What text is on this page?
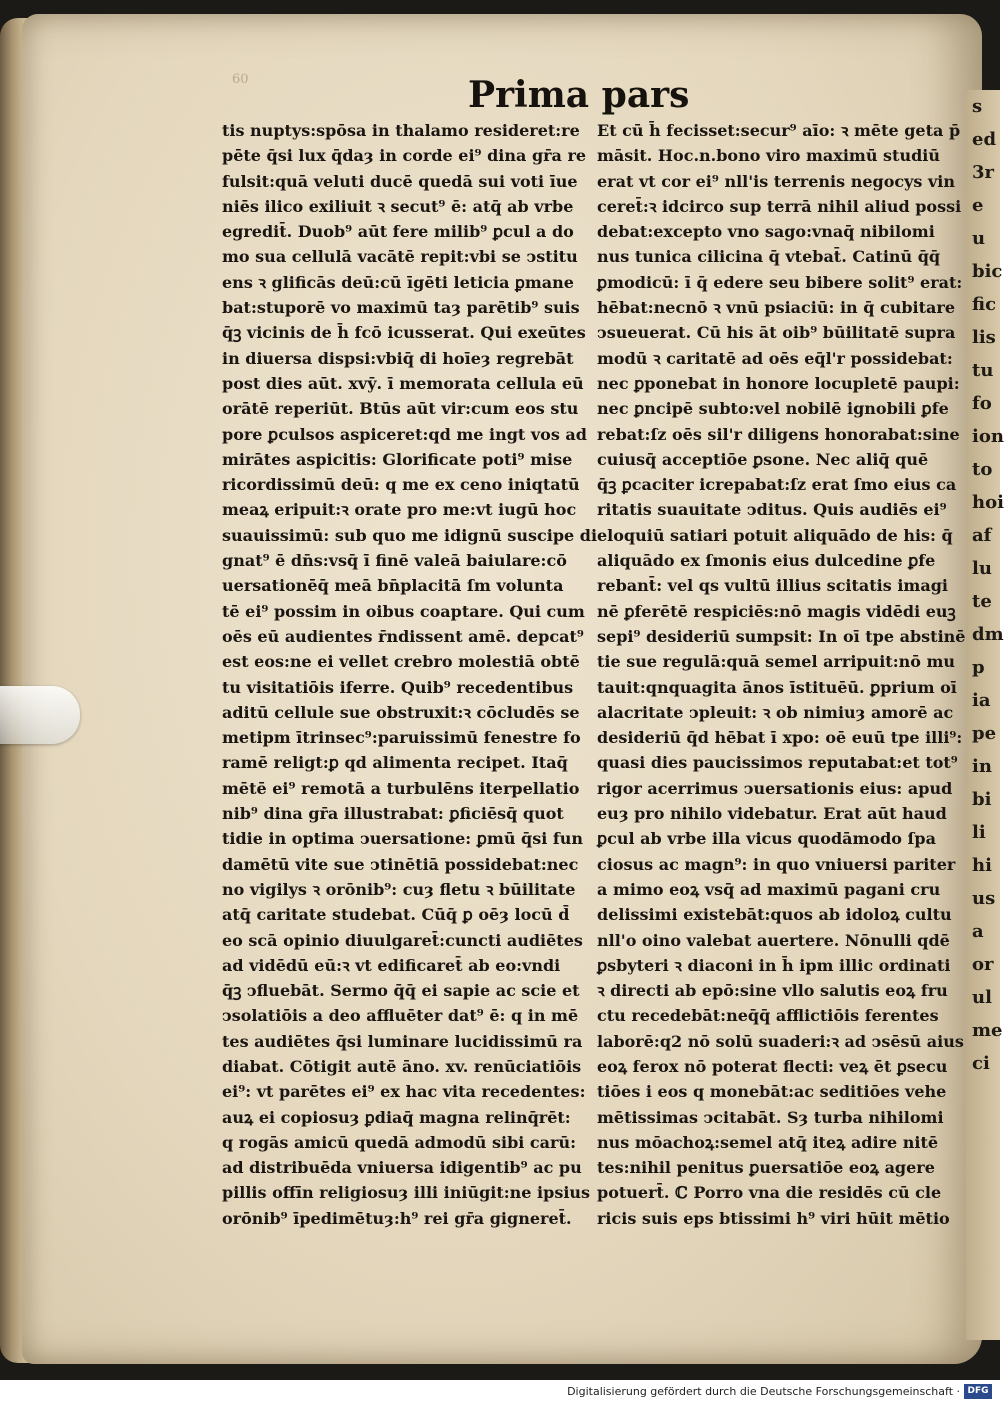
s
ed
3r
e
u
bic
fic
lis
tu
fo
ion
to
hoi
af
lu
te
dm
p
ia
pe
in
bi
li
hi
us
a
or
ul
me
ci
60	Prima pars
tis nuptys:spōsa in thalamo resideret:re
pēte q̄si lux q̄daȝ in corde ei⁹ dina gr̄a re
fulsit:quā veluti ducē quedā sui voti īue
niēs ilico exiliuit ꝛ secut⁹ ē: atq̄ ab vrbe
egredit̄. Duob⁹ aūt fere milib⁹ ꝑcul a do
mo sua cellulā vacātē repit:vbi se ↄstitu
ens ꝛ glificās deū:cū īgēti leticia ꝑmane
bat:stuporē vo maximū taȝ parētib⁹ suis
q̄ꝫ vicinis de h̄ fcō icusserat. Qui exeūtes
in diuersa dispsi:vbiq̄ di hoīeȝ regrebāt
post dies aūt. xvȳ. ī memorata cellula eū
orātē reperiūt. Btūs aūt vir:cum eos stu
pore ꝑculsos aspiceret:qd me ingt vos ad
mirātes aspicitis: Glorificate poti⁹ mise
ricordissimū deū: q me ex ceno iniqtatū
meaꝝ eripuit:ꝛ orate pro me:vt iugū hoc
suauissimū: sub quo me idignū suscipe di
gnat⁹ ē dn̄s:vsq̄ ī finē valeā baiulare:cō
uersationēq̄ meā bn̄placitā ſm volunta
tē ei⁹ possim in oibus coaptare. Qui cum
oēs eū audientes r̄ndissent amē. depcat⁹
est eos:ne ei vellet crebro molestiā obtē
tu visitatiōis iferre. Quib⁹ recedentibus
aditū cellule sue obstruxit:ꝛ cōcludēs se
metipm ītrinsec⁹:paruissimū fenestre fo
ramē religt:ꝑ qd alimenta recipet. Itaq̄
mētē ei⁹ remotā a turbulēns iterpellatio
nib⁹ dina gr̄a illustrabat: ꝑficiēsq̄ quot
tidie in optima ↄuersatione: ꝑmū q̄si fun
damētū vite sue ↄtinētiā possidebat:nec
no vigilys ꝛ orōnib⁹: cuȝ fletu ꝛ būilitate
atq̄ caritate studebat. Cūq̄ ꝑ oēȝ locū d̄
eo scā opinio diuulgaret̄:cuncti audiētes
ad vidēdū eū:ꝛ vt edificaret̄ ab eo:vndi
q̄ꝫ ↄfluebāt. Sermo q̄q̄ ei sapie ac scie et
ↄsolatiōis a deo affluēter dat⁹ ē: q in mē
tes audiētes q̄si luminare lucidissimū ra
diabat. Cōtigit autē āno. xv. renūciatiōis
ei⁹: vt parētes ei⁹ ex hac vita recedentes:
auꝝ ei copiosuȝ ꝑdiaq̄ magna relinq̄rēt:
q rogās amicū quedā admodū sibi carū:
ad distribuēda vniuersa idigentib⁹ ac pu
pillis offīn religiosuȝ illi iniūgit:ne ipsius
orōnib⁹ īpedimētuȝ:h⁹ rei gr̄a gigneret̄.
Et cū h̄ fecisset:secur⁹ aīo: ꝛ mēte geta p̄
māsit. Hoc.n.bono viro maximū studiū
erat vt cor ei⁹ nll'is terrenis negocys vin
ceret̄:ꝛ idcirco sup terrā nihil aliud possi
debat:excepto vno sago:vnaq̄ nibilomi
nus tunica cilicina q̄ vtebat̄. Catinū q̄q̄
ꝑmodicū: ī q̄ edere seu bibere solit⁹ erat:
hēbat:necnō ꝛ vnū psiaciū: in q̄ cubitare
ↄsueuerat. Cū his āt oib⁹ būilitatē supra
modū ꝛ caritatē ad oēs eq̄l'r possidebat:
nec ꝑponebat in honore locupletē paupi:
nec ꝑncipē subto:vel nobilē ignobili ꝑfe
rebat:ſz oēs sil'r diligens honorabat:sine
cuiusq̄ acceptiōe ꝑsone. Nec aliq̄ quē
q̄ꝫ ꝑcaciter icrepabat:ſz erat ſmo eius ca
ritatis suauitate ↄditus. Quis audiēs ei⁹
eloquiū satiari potuit aliquādo de his: q̄
aliquādo ex ſmonis eius dulcedine ꝑfe
rebant̄: vel qs vultū illius scitatis imagi
nē ꝑferētē respiciēs:nō magis vidēdi euꝫ
sepi⁹ desideriū sumpsit: In oī tpe abstinē
tie sue regulā:quā semel arripuit:nō mu
tauit:qnquagita ānos īstituēū. ꝑprium oī
alacritate ↄpleuit: ꝛ ob nimiuȝ amorē ac
desideriū q̄d hēbat ī xpo: oē euū tpe illi⁹:
quasi dies paucissimos reputabat:et tot⁹
rigor acerrimus ↄuersationis eius: apud
euȝ pro nihilo videbatur. Erat aūt haud
ꝑcul ab vrbe illa vicus quodāmodo ſpa
ciosus ac magn⁹: in quo vniuersi pariter
a mimo eoꝝ vsq̄ ad maximū pagani cru
delissimi existebāt:quos ab idoloꝝ cultu
nll'o oino valebat auertere. Nōnulli qdē
ꝑsbyteri ꝛ diaconi in h̄ ipm illic ordinati
ꝛ directi ab epō:sine vllo salutis eoꝝ fru
ctu recedebāt:neq̄q̄ afflictiōis ferentes
laborē:q2 nō solū suaderi:ꝛ ad ↄsēsū aius
eoꝝ ferox nō poterat flecti: veꝝ ēt ꝑsecu
tiōes i eos q monebāt:ac seditiōes vehe
mētissimas ↄcitabāt. Sȝ turba nihilomi
nus mōachoꝝ:semel atq̄ iteꝝ adire nitē
tes:nihil penitus ꝑuersatiōe eoꝝ agere
potuert̄. ℂ Porro vna die residēs cū cle
ricis suis eps btissimi h⁹ viri hūit mētio
Digitalisierung gefördert durch die Deutsche Forschungsgemeinschaft · DFG
